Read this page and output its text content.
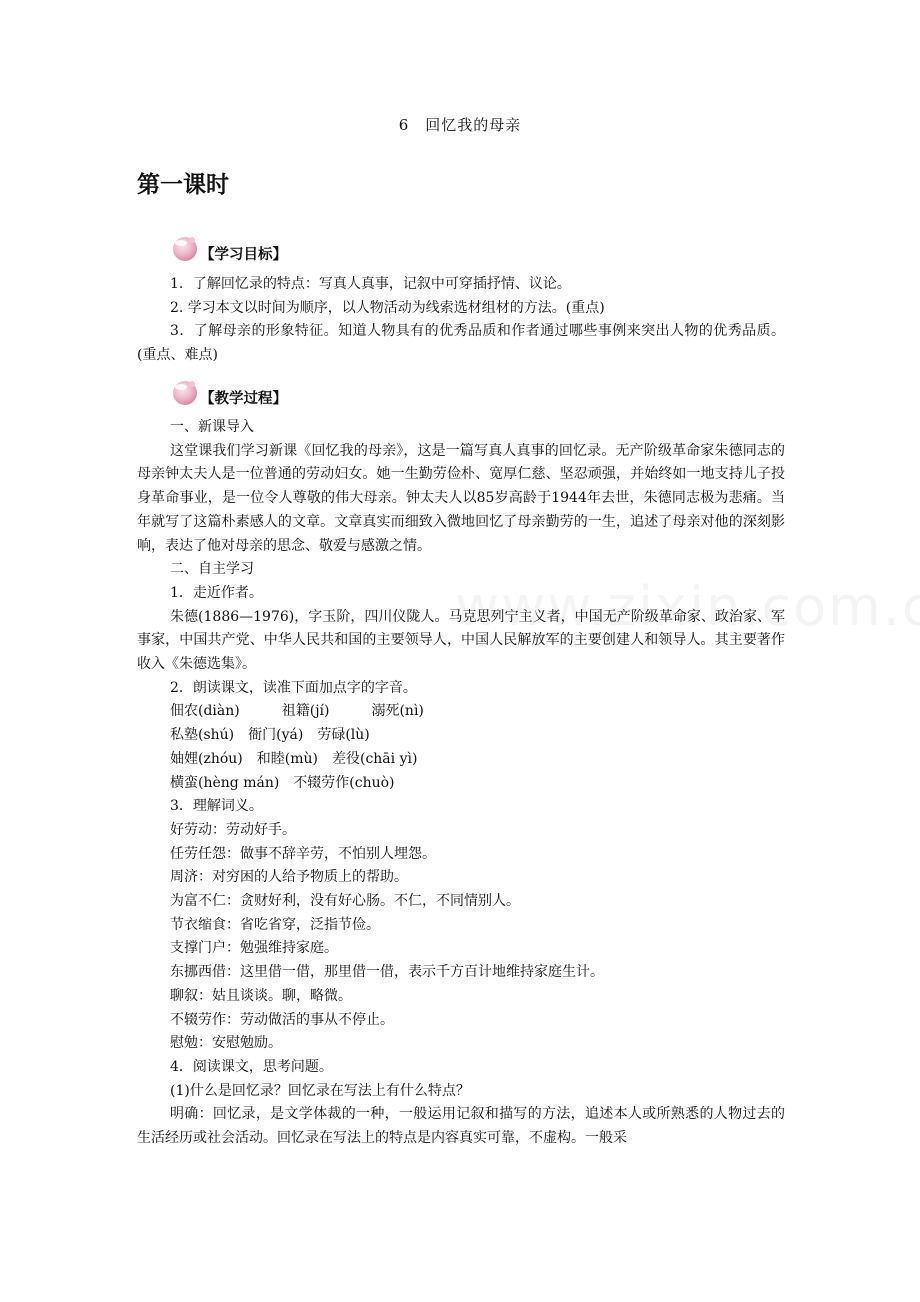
6　回忆我的母亲
第一课时
【学习目标】

1．了解回忆录的特点：写真人真事，记叙中可穿插抒情、议论。

2. 学习本文以时间为顺序，以人物活动为线索选材组材的方法。(重点)

3．了解母亲的形象特征。知道人物具有的优秀品质和作者通过哪些事例来突出人物的优秀品质。(重点、难点)

【教学过程】

一、新课导入

这堂课我们学习新课《回忆我的母亲》，这是一篇写真人真事的回忆录。无产阶级革命家朱德同志的母亲钟太夫人是一位普通的劳动妇女。她一生勤劳俭朴、宽厚仁慈、坚忍顽强，并始终如一地支持儿子投身革命事业，是一位令人尊敬的伟大母亲。钟太夫人以85岁高龄于1944年去世，朱德同志极为悲痛。当年就写了这篇朴素感人的文章。文章真实而细致入微地回忆了母亲勤劳的一生，追述了母亲对他的深刻影响，表达了他对母亲的思念、敬爱与感激之情。

二、自主学习

1．走近作者。

朱德(1886—1976)，字玉阶，四川仪陇人。马克思列宁主义者，中国无产阶级革命家、政治家、军事家，中国共产党、中华人民共和国的主要领导人，中国人民解放军的主要创建人和领导人。其主要著作收入《朱德选集》。

2．朗读课文，读准下面加点字的字音。

佃农(diàn)　　　祖籍(jí)　　　溺死(nì)

私塾(shú)　衙门(yá)　劳碌(lù)

妯娌(zhóu)　和睦(mù)　差役(chāi yì)

横蛮(hèng mán)　不辍劳作(chuò)

3．理解词义。

好劳动：劳动好手。

任劳任怨：做事不辞辛劳，不怕别人埋怨。

周济：对穷困的人给予物质上的帮助。

为富不仁：贪财好利，没有好心肠。不仁，不同情别人。

节衣缩食：省吃省穿，泛指节俭。

支撑门户：勉强维持家庭。

东挪西借：这里借一借，那里借一借，表示千方百计地维持家庭生计。

聊叙：姑且谈谈。聊，略微。

不辍劳作：劳动做活的事从不停止。

慰勉：安慰勉励。

4．阅读课文，思考问题。

(1)什么是回忆录？回忆录在写法上有什么特点？

明确：回忆录，是文学体裁的一种，一般运用记叙和描写的方法，追述本人或所熟悉的人物过去的生活经历或社会活动。回忆录在写法上的特点是内容真实可靠，不虚构。一般采
